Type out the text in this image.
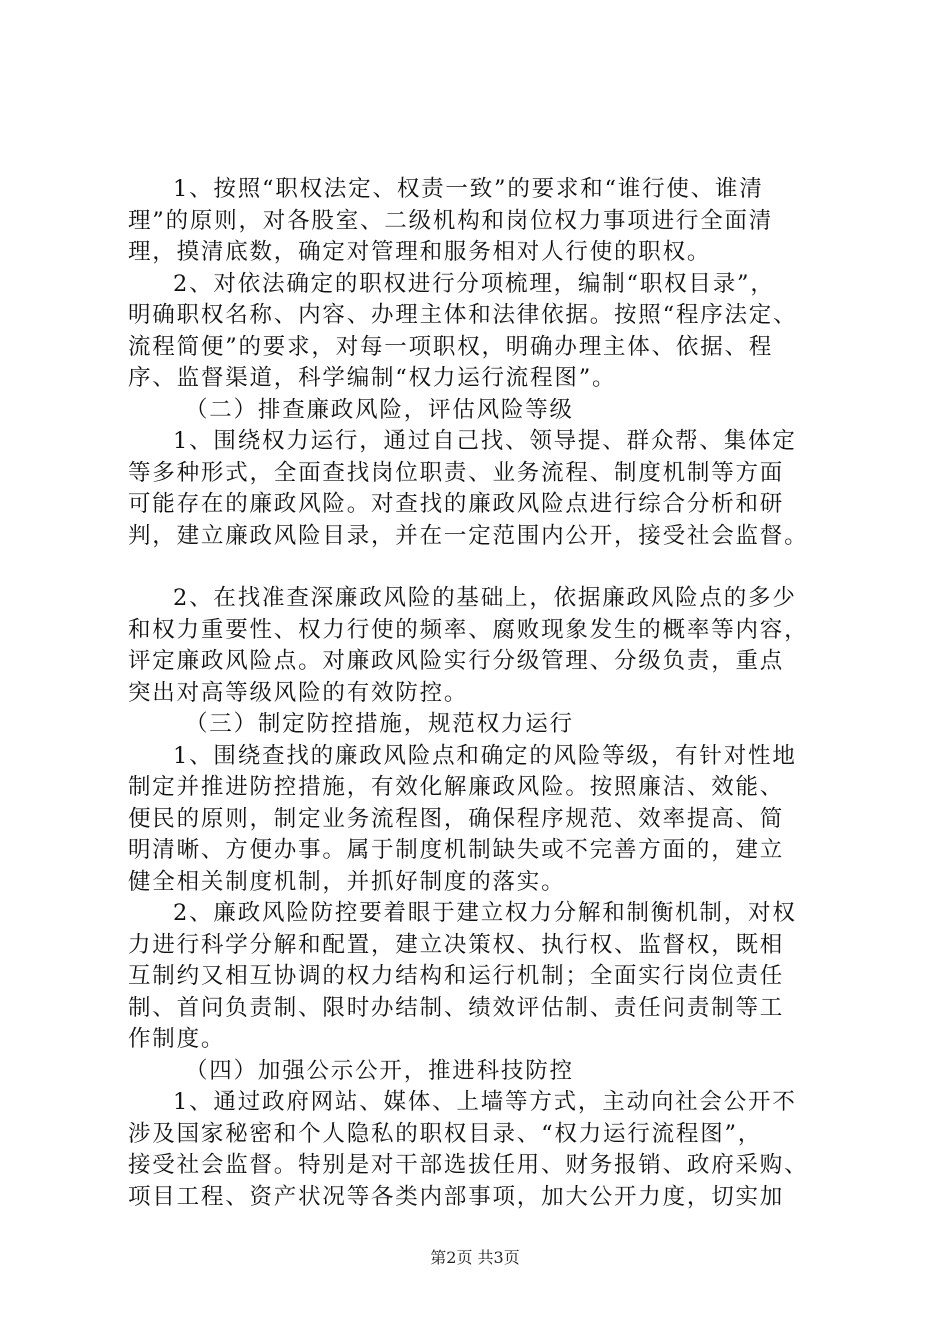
1、按照“职权法定、权责一致”的要求和“谁行使、谁清
理”的原则，对各股室、二级机构和岗位权力事项进行全面清
理，摸清底数，确定对管理和服务相对人行使的职权。
2、对依法确定的职权进行分项梳理，编制“职权目录”，
明确职权名称、内容、办理主体和法律依据。按照“程序法定、
流程简便”的要求，对每一项职权，明确办理主体、依据、程
序、监督渠道，科学编制“权力运行流程图”。
（二）排查廉政风险，评估风险等级
1、围绕权力运行，通过自己找、领导提、群众帮、集体定
等多种形式，全面查找岗位职责、业务流程、制度机制等方面
可能存在的廉政风险。对查找的廉政风险点进行综合分析和研
判，建立廉政风险目录，并在一定范围内公开，接受社会监督。
2、在找准查深廉政风险的基础上，依据廉政风险点的多少
和权力重要性、权力行使的频率、腐败现象发生的概率等内容，
评定廉政风险点。对廉政风险实行分级管理、分级负责，重点
突出对高等级风险的有效防控。
（三）制定防控措施，规范权力运行
1、围绕查找的廉政风险点和确定的风险等级，有针对性地
制定并推进防控措施，有效化解廉政风险。按照廉洁、效能、
便民的原则，制定业务流程图，确保程序规范、效率提高、简
明清晰、方便办事。属于制度机制缺失或不完善方面的，建立
健全相关制度机制，并抓好制度的落实。
2、廉政风险防控要着眼于建立权力分解和制衡机制，对权
力进行科学分解和配置，建立决策权、执行权、监督权，既相
互制约又相互协调的权力结构和运行机制；全面实行岗位责任
制、首问负责制、限时办结制、绩效评估制、责任问责制等工
作制度。
（四）加强公示公开，推进科技防控
1、通过政府网站、媒体、上墙等方式，主动向社会公开不
涉及国家秘密和个人隐私的职权目录、“权力运行流程图”，
接受社会监督。特别是对干部选拔任用、财务报销、政府采购、
项目工程、资产状况等各类内部事项，加大公开力度，切实加
第2页 共3页
